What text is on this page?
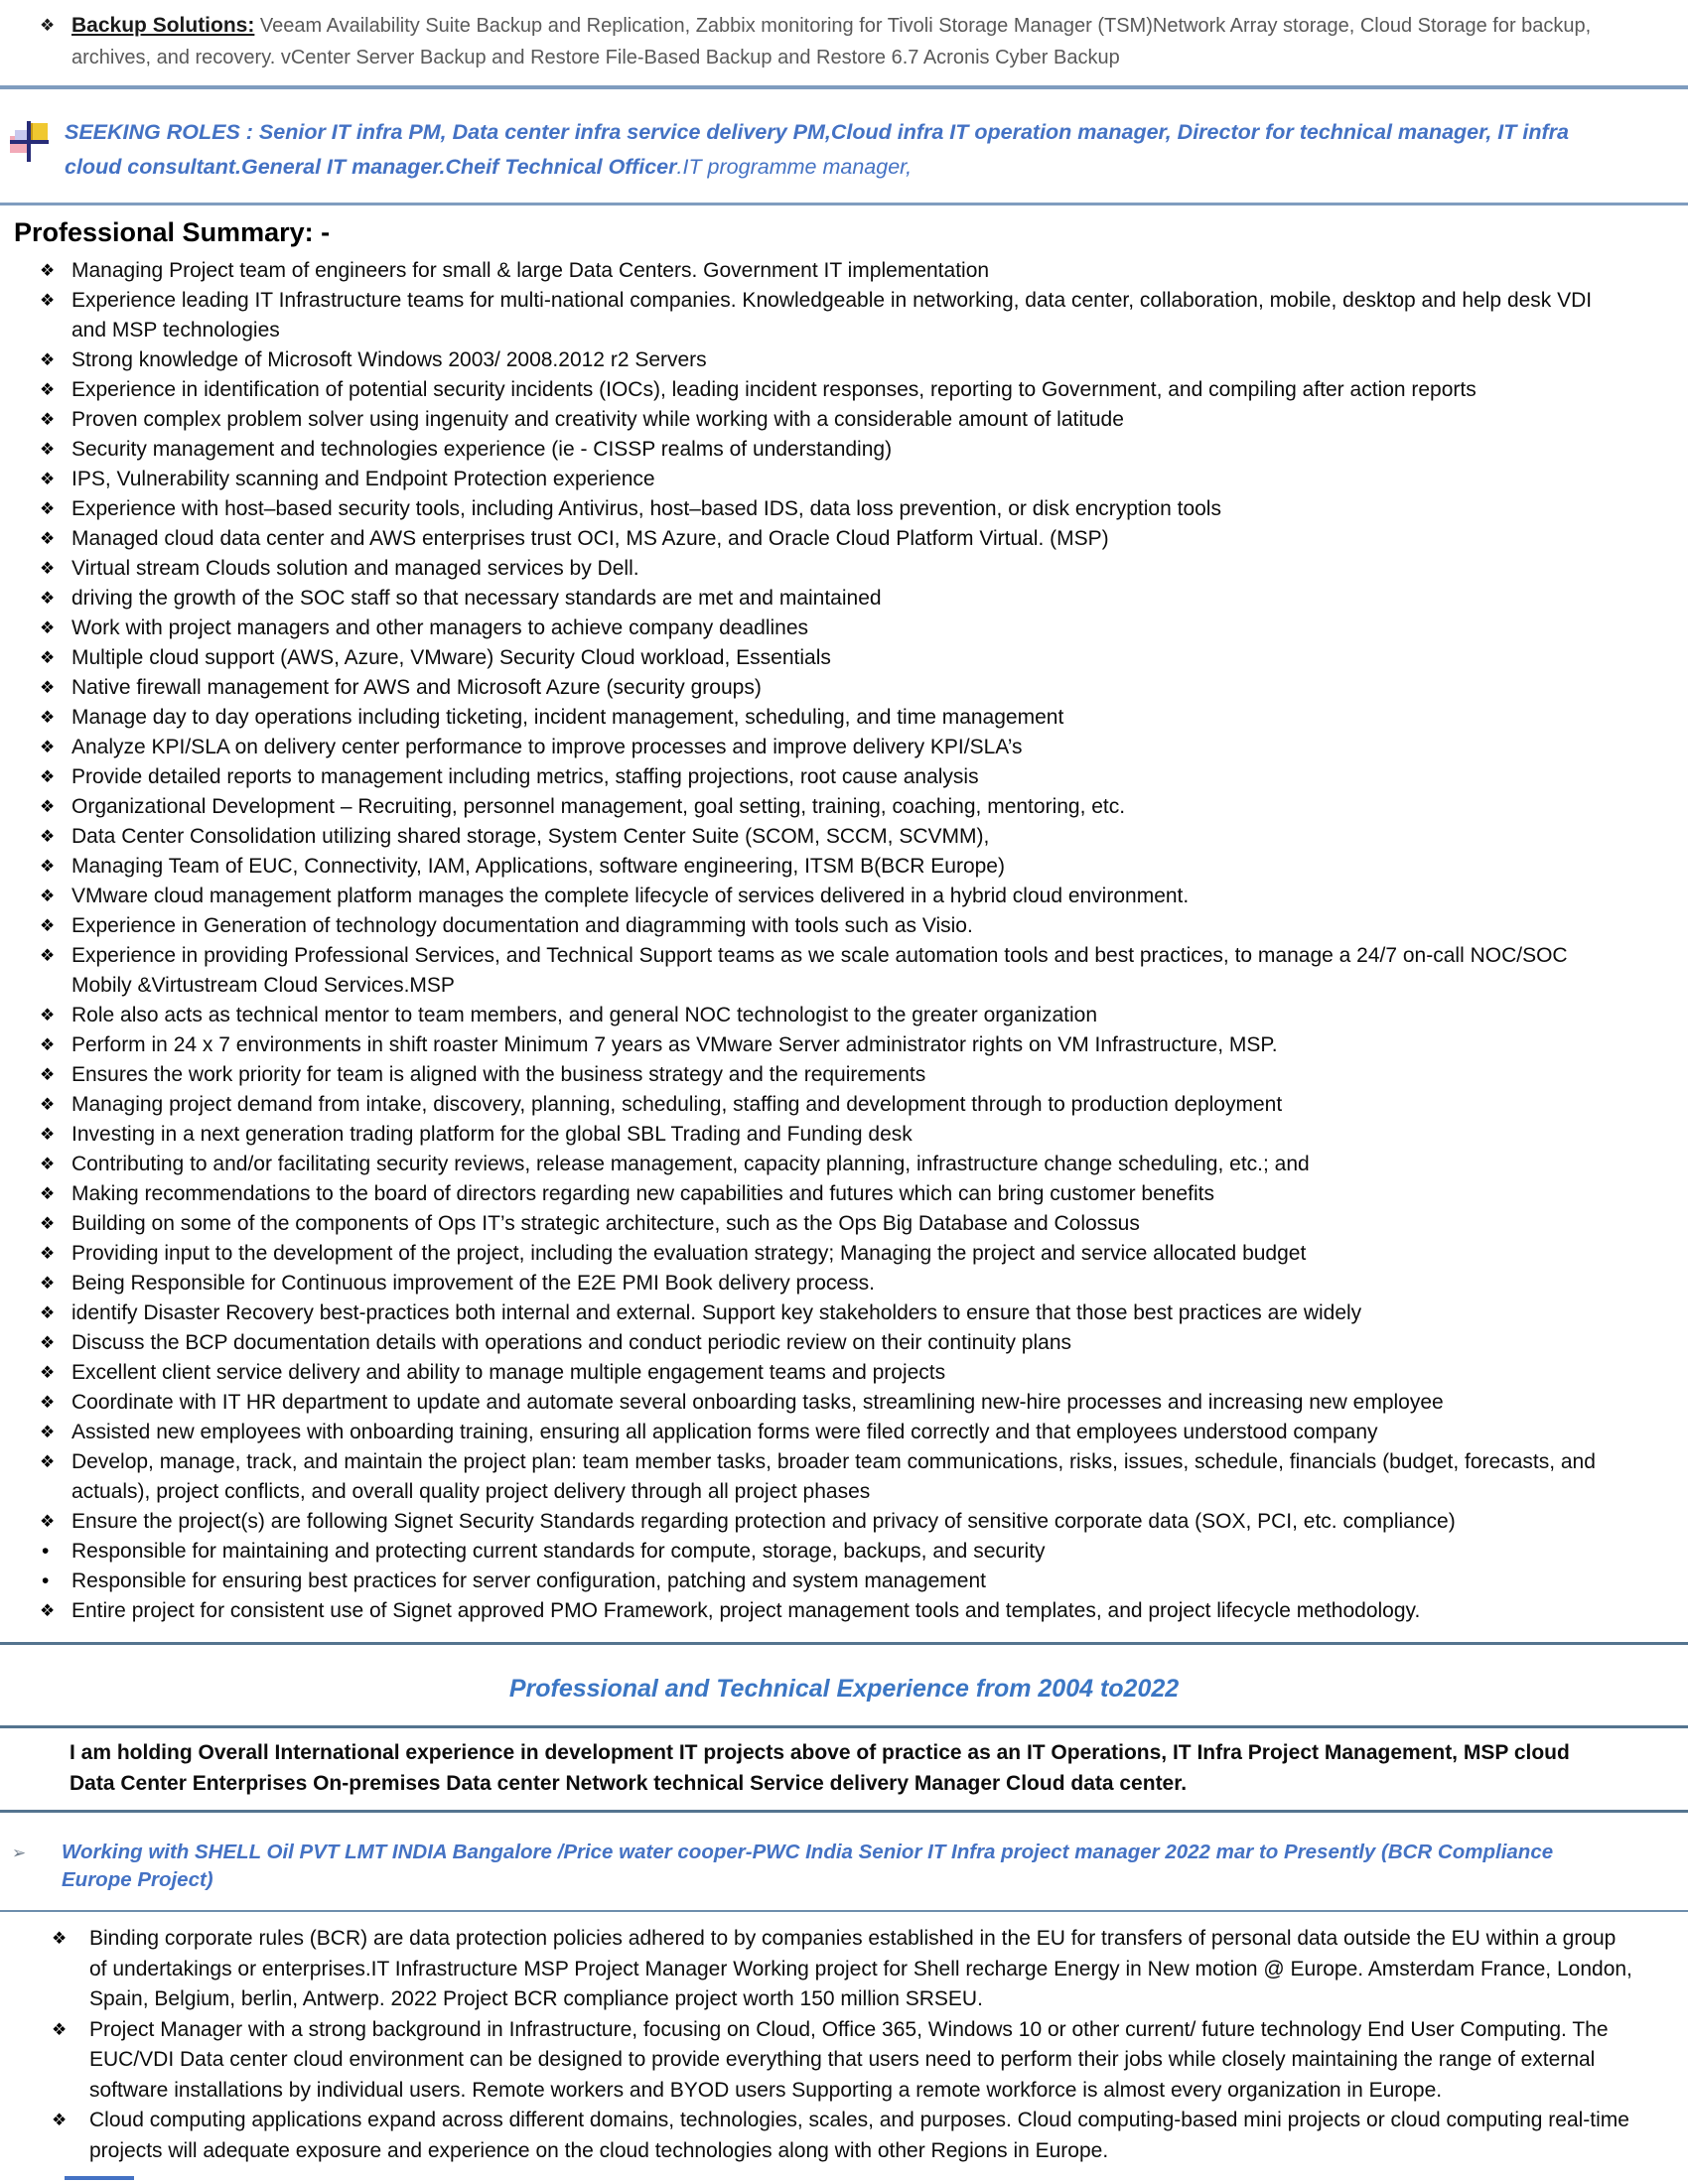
❖ Backup Solutions: Veeam Availability Suite Backup and Replication, Zabbix monitoring for Tivoli Storage Manager (TSM)Network Array storage, Cloud Storage for backup, archives, and recovery. vCenter Server Backup and Restore File-Based Backup and Restore 6.7 Acronis Cyber Backup
SEEKING ROLES : Senior IT infra PM, Data center infra service delivery PM,Cloud infra IT operation manager, Director for technical manager, IT infra cloud consultant.General IT manager.Cheif Technical Officer.IT programme manager,
Professional Summary: -
❖ Managing Project team of engineers for small & large Data Centers. Government IT implementation
❖ Experience leading IT Infrastructure teams for multi-national companies. Knowledgeable in networking, data center, collaboration, mobile, desktop and help desk VDI and MSP technologies
❖ Strong knowledge of Microsoft Windows 2003/ 2008.2012 r2 Servers
❖ Experience in identification of potential security incidents (IOCs), leading incident responses, reporting to Government, and compiling after action reports
❖ Proven complex problem solver using ingenuity and creativity while working with a considerable amount of latitude
❖ Security management and technologies experience (ie - CISSP realms of understanding)
❖ IPS, Vulnerability scanning and Endpoint Protection experience
❖ Experience with host–based security tools, including Antivirus, host–based IDS, data loss prevention, or disk encryption tools
❖ Managed cloud data center and AWS enterprises trust OCI, MS Azure, and Oracle Cloud Platform Virtual. (MSP)
❖ Virtual stream Clouds solution and managed services by Dell.
❖ driving the growth of the SOC staff so that necessary standards are met and maintained
❖ Work with project managers and other managers to achieve company deadlines
❖ Multiple cloud support (AWS, Azure, VMware) Security Cloud workload, Essentials
❖ Native firewall management for AWS and Microsoft Azure (security groups)
❖ Manage day to day operations including ticketing, incident management, scheduling, and time management
❖ Analyze KPI/SLA on delivery center performance to improve processes and improve delivery KPI/SLA’s
❖ Provide detailed reports to management including metrics, staffing projections, root cause analysis
❖ Organizational Development – Recruiting, personnel management, goal setting, training, coaching, mentoring, etc.
❖ Data Center Consolidation utilizing shared storage, System Center Suite (SCOM, SCCM, SCVMM),
❖ Managing Team of EUC, Connectivity, IAM, Applications, software engineering, ITSM B(BCR Europe)
❖ VMware cloud management platform manages the complete lifecycle of services delivered in a hybrid cloud environment.
❖ Experience in Generation of technology documentation and diagramming with tools such as Visio.
❖ Experience in providing Professional Services, and Technical Support teams as we scale automation tools and best practices, to manage a 24/7 on-call NOC/SOC Mobily &Virtustream Cloud Services.MSP
❖ Role also acts as technical mentor to team members, and general NOC technologist to the greater organization
❖ Perform in 24 x 7 environments in shift roaster Minimum 7 years as VMware Server administrator rights on VM Infrastructure, MSP.
❖ Ensures the work priority for team is aligned with the business strategy and the requirements
❖ Managing project demand from intake, discovery, planning, scheduling, staffing and development through to production deployment
❖ Investing in a next generation trading platform for the global SBL Trading and Funding desk
❖ Contributing to and/or facilitating security reviews, release management, capacity planning, infrastructure change scheduling, etc.; and
❖ Making recommendations to the board of directors regarding new capabilities and futures which can bring customer benefits
❖ Building on some of the components of Ops IT’s strategic architecture, such as the Ops Big Database and Colossus
❖ Providing input to the development of the project, including the evaluation strategy; Managing the project and service allocated budget
❖ Being Responsible for Continuous improvement of the E2E PMI Book delivery process.
❖ identify Disaster Recovery best-practices both internal and external. Support key stakeholders to ensure that those best practices are widely
❖ Discuss the BCP documentation details with operations and conduct periodic review on their continuity plans
❖ Excellent client service delivery and ability to manage multiple engagement teams and projects
❖ Coordinate with IT HR department to update and automate several onboarding tasks, streamlining new-hire processes and increasing new employee
❖ Assisted new employees with onboarding training, ensuring all application forms were filed correctly and that employees understood company
❖ Develop, manage, track, and maintain the project plan: team member tasks, broader team communications, risks, issues, schedule, financials (budget, forecasts, and actuals), project conflicts, and overall quality project delivery through all project phases
❖ Ensure the project(s) are following Signet Security Standards regarding protection and privacy of sensitive corporate data (SOX, PCI, etc. compliance)
• Responsible for maintaining and protecting current standards for compute, storage, backups, and security
• Responsible for ensuring best practices for server configuration, patching and system management
❖ Entire project for consistent use of Signet approved PMO Framework, project management tools and templates, and project lifecycle methodology.
Professional and Technical Experience from 2004 to2022
I am holding Overall International experience in development IT projects above of practice as an IT Operations, IT Infra Project Management, MSP cloud Data Center Enterprises On-premises Data center Network technical Service delivery Manager Cloud data center.
➢ Working with SHELL Oil PVT LMT INDIA Bangalore /Price water cooper-PWC India Senior IT Infra project manager 2022 mar to Presently (BCR Compliance Europe Project)
❖ Binding corporate rules (BCR) are data protection policies adhered to by companies established in the EU for transfers of personal data outside the EU within a group of undertakings or enterprises.IT Infrastructure MSP Project Manager Working project for Shell recharge Energy in New motion @ Europe. Amsterdam France, London, Spain, Belgium, berlin, Antwerp. 2022 Project BCR compliance project worth 150 million SRSEU.
❖ Project Manager with a strong background in Infrastructure, focusing on Cloud, Office 365, Windows 10 or other current/ future technology End User Computing. The EUC/VDI Data center cloud environment can be designed to provide everything that users need to perform their jobs while closely maintaining the range of external software installations by individual users. Remote workers and BYOD users Supporting a remote workforce is almost every organization in Europe.
❖ Cloud computing applications expand across different domains, technologies, scales, and purposes. Cloud computing-based mini projects or cloud computing real-time projects will adequate exposure and experience on the cloud technologies along with other Regions in Europe.
